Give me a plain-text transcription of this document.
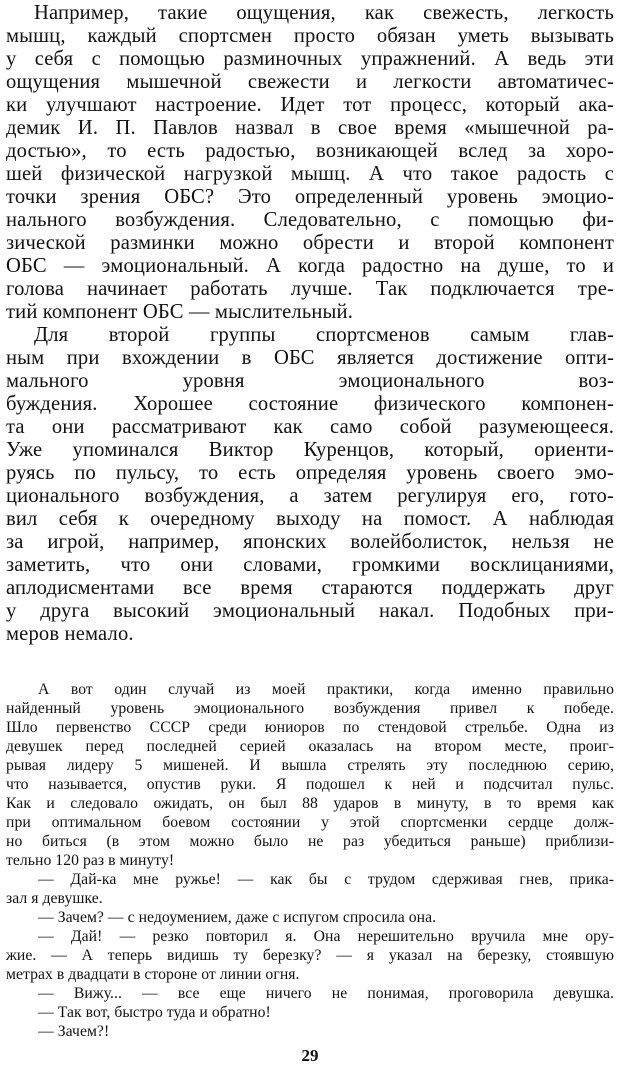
Например, такие ощущения, как свежесть, легкость
мышц, каждый спортсмен просто обязан уметь вызывать
у себя с помощью разминочных упражнений. А ведь эти
ощущения мышечной свежести и легкости автоматичес-
ки улучшают настроение. Идет тот процесс, который ака-
демик И. П. Павлов назвал в свое время «мышечной ра-
достью», то есть радостью, возникающей вслед за хоро-
шей физической нагрузкой мышц. А что такое радость с
точки зрения ОБС? Это определенный уровень эмоцио-
нального возбуждения. Следовательно, с помощью фи-
зической разминки можно обрести и второй компонент
ОБС — эмоциональный. А когда радостно на душе, то и
голова начинает работать лучше. Так подключается тре-
тий компонент ОБС — мыслительный.
Для второй группы спортсменов самым глав-
ным при вхождении в ОБС является достижение опти-
мального уровня эмоционального воз-
буждения. Хорошее состояние физического компонен-
та они рассматривают как само собой разумеющееся.
Уже упоминался Виктор Куренцов, который, ориенти-
руясь по пульсу, то есть определяя уровень своего эмо-
ционального возбуждения, а затем регулируя его, гото-
вил себя к очередному выходу на помост. А наблюдая
за игрой, например, японских волейболисток, нельзя не
заметить, что они словами, громкими восклицаниями,
аплодисментами все время стараются поддержать друг
у друга высокий эмоциональный накал. Подобных при-
меров немало.
А вот один случай из моей практики, когда именно правильно
найденный уровень эмоционального возбуждения привел к победе.
Шло первенство СССР среди юниоров по стендовой стрельбе. Одна из
девушек перед последней серией оказалась на втором месте, проиг-
рывая лидеру 5 мишеней. И вышла стрелять эту последнюю серию,
что называется, опустив руки. Я подошел к ней и подсчитал пульс.
Как и следовало ожидать, он был 88 ударов в минуту, в то время как
при оптимальном боевом состоянии у этой спортсменки сердце долж-
но биться (в этом можно было не раз убедиться раньше) приблизи-
тельно 120 раз в минуту!
— Дай-ка мне ружье! — как бы с трудом сдерживая гнев, прика-
зал я девушке.
— Зачем? — с недоумением, даже с испугом спросила она.
— Дай! — резко повторил я. Она нерешительно вручила мне ору-
жие. — А теперь видишь ту березку? — я указал на березку, стоявшую
метрах в двадцати в стороне от линии огня.
— Вижу... — все еще ничего не понимая, проговорила девушка.
— Так вот, быстро туда и обратно!
— Зачем?!
29
